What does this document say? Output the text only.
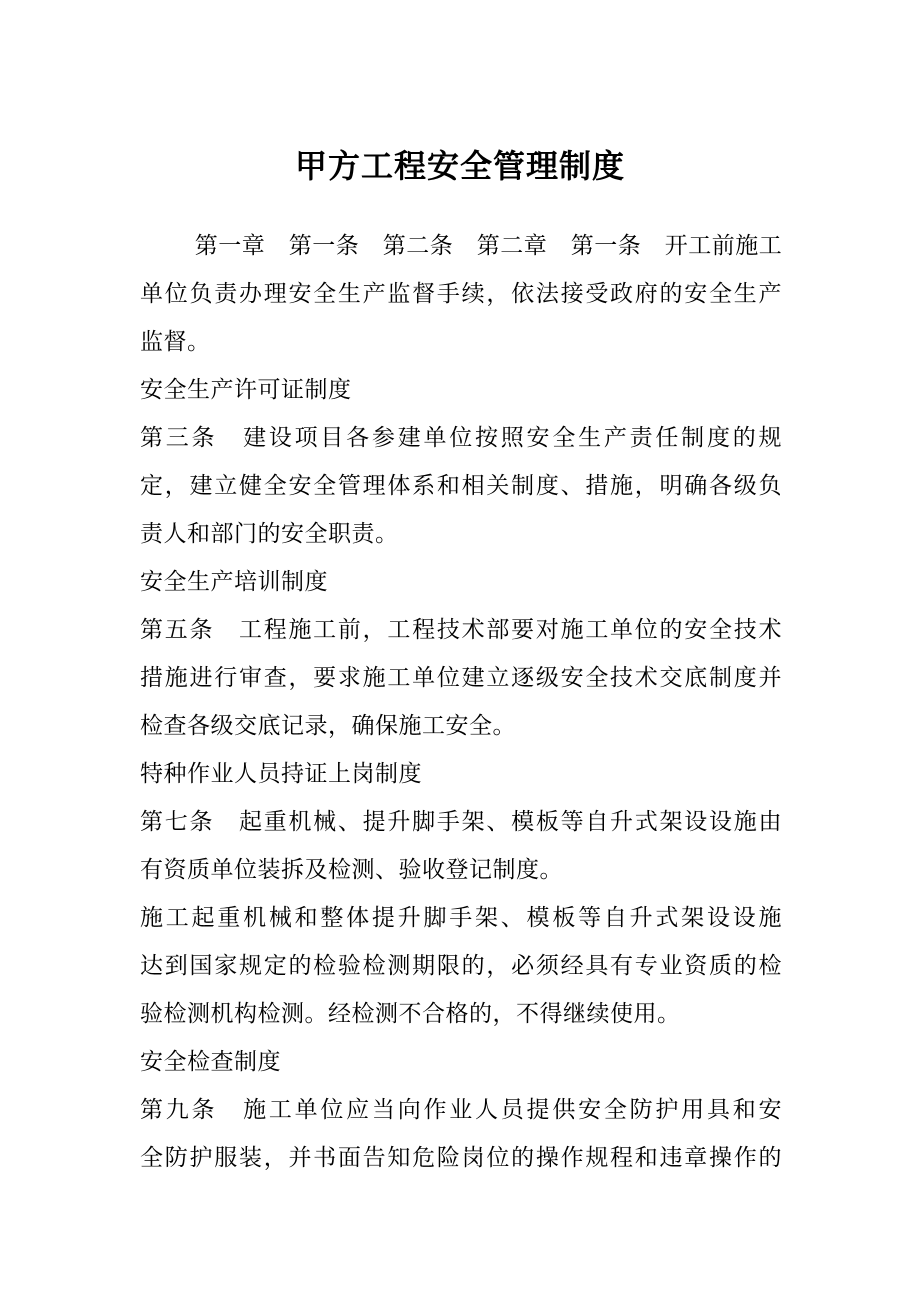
甲方工程安全管理制度
　　 第一章　第一条　第二条　第二章　第一条　开工前施工
单位负责办理安全生产监督手续，依法接受政府的安全生产
监督。
安全生产许可证制度
第三条　建设项目各参建单位按照安全生产责任制度的规
定，建立健全安全管理体系和相关制度、措施，明确各级负
责人和部门的安全职责。
安全生产培训制度
第五条　工程施工前，工程技术部要对施工单位的安全技术
措施进行审查，要求施工单位建立逐级安全技术交底制度并
检查各级交底记录，确保施工安全。
特种作业人员持证上岗制度
第七条　起重机械、提升脚手架、模板等自升式架设设施由
有资质单位装拆及检测、验收登记制度。
施工起重机械和整体提升脚手架、模板等自升式架设设施
达到国家规定的检验检测期限的，必须经具有专业资质的检
验检测机构检测。经检测不合格的，不得继续使用。
安全检查制度
第九条　施工单位应当向作业人员提供安全防护用具和安
全防护服装，并书面告知危险岗位的操作规程和违章操作的
